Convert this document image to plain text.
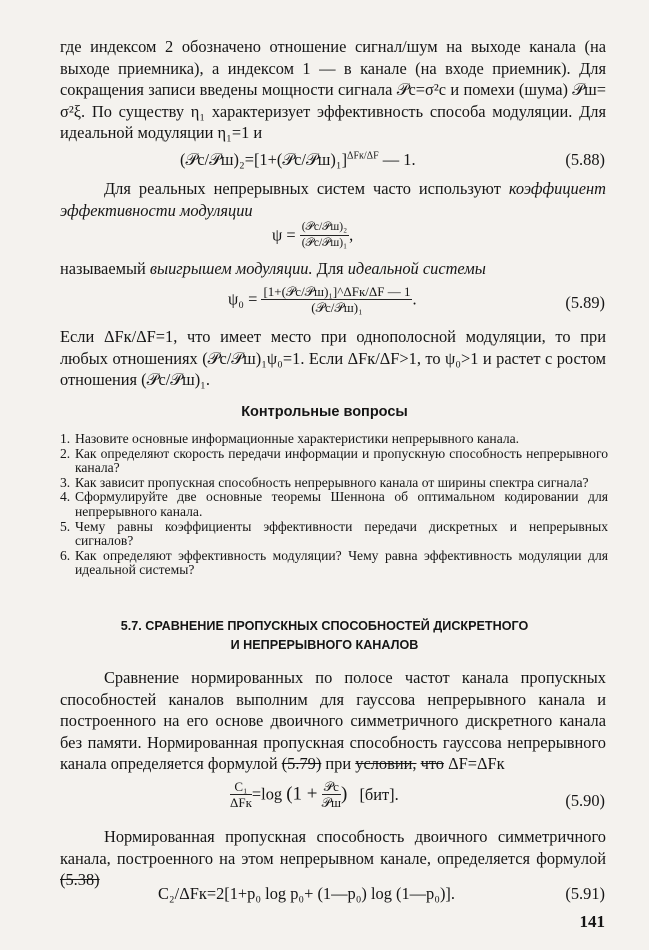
где индексом 2 обозначено отношение сигнал/шум на выходе канала (на выходе приемника), а индексом 1 — в канале (на входе приемник). Для сокращения записи введены мощности сигнала 𝒫c=σ²c и помехи (шума) 𝒫ш= σ²ξ. По существу η₁ характеризует эффективность способа модуляции. Для идеальной модуляции η₁=1 и
(𝒫c/𝒫ш)₂=[1+(𝒫c/𝒫ш)₁]$^{\Delta Fк/\Delta F}$ — 1.	(5.88)
Для реальных непрерывных систем часто используют коэффициент эффективности модуляции
$\psi = \frac{\text{(𝒫c/𝒫ш)₂}}{\text{(𝒫c/𝒫ш)₁}}$ ,
называемый выигрышем модуляции. Для идеальной системы
$\psi_0 = \frac{\text{[1+(𝒫c/𝒫ш)₁]\textasciicircum{}ΔFк/ΔF — 1}}{\text{(𝒫c/𝒫ш)₁}}$ .	(5.89)
Если ΔFк/ΔF=1, что имеет место при однополосной модуляции, то при любых отношениях (𝒫c/𝒫ш)₁ψ₀=1. Если ΔFк/ΔF>1, то ψ₀>1 и растет с ростом отношения (𝒫c/𝒫ш)₁.
Контрольные вопросы
1. Назовите основные информационные характеристики непрерывного канала.
2. Как определяют скорость передачи информации и пропускную способность непрерывного канала?
3. Как зависит пропускная способность непрерывного канала от ширины спектра сигнала?
4. Сформулируйте две основные теоремы Шеннона об оптимальном кодировании для непрерывного канала.
5. Чему равны коэффициенты эффективности передачи дискретных и непрерывных сигналов?
6. Как определяют эффективность модуляции? Чему равна эффективность модуляции для идеальной системы?
5.7. СРАВНЕНИЕ ПРОПУСКНЫХ СПОСОБНОСТЕЙ ДИСКРЕТНОГО
И НЕПРЕРЫВНОГО КАНАЛОВ
Сравнение нормированных по полосе частот канала пропускных способностей каналов выполним для гауссова непрерывного канала и построенного на его основе двоичного симметричного дискретного канала без памяти. Нормированная пропускная способность гауссова непрерывного канала определяется формулой (5.79) при условии, что ΔF=ΔFк
$\frac{\text{C₁}}{\text{ΔFк}} =\log$ ($1 + \frac{\text{𝒫c}}{\text{𝒫ш}}$ ) [бит].	(5.90)
Нормированная пропускная способность двоичного симметричного канала, построенного на этом непрерывном канале, определяется формулой (5.38)
C₂/ΔFк=2[1+p₀ log p₀+ (1—p₀) log (1—p₀)].	(5.91)
141
